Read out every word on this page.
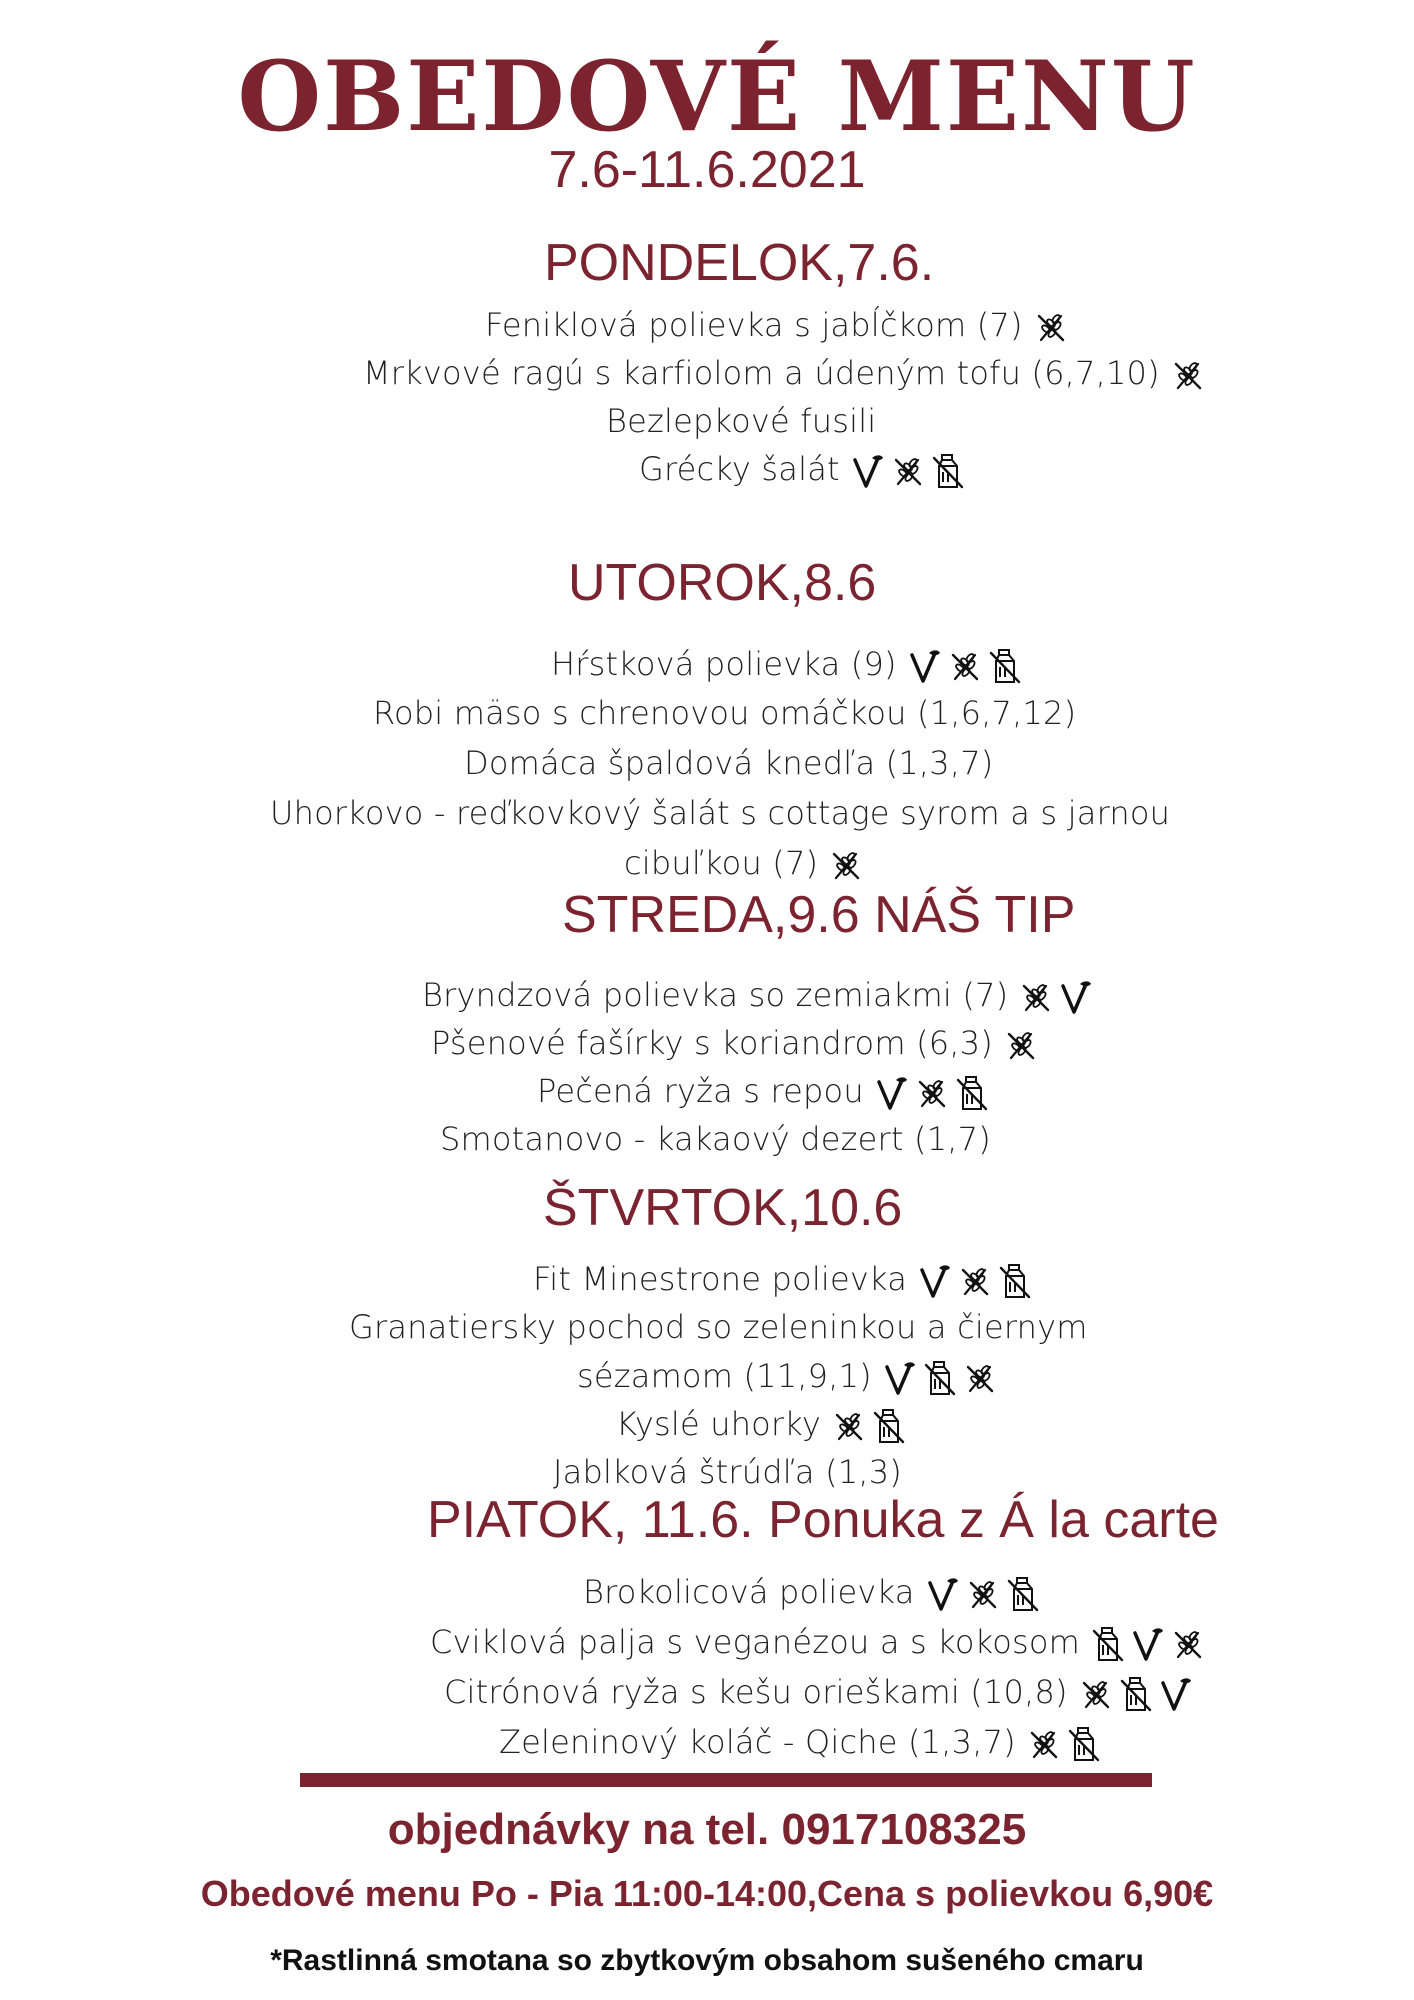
OBEDOVÉ MENU
7.6-11.6.2021
PONDELOK,7.6.
Feniklová polievka s jabĺčkom (7)
Mrkvové ragú s karfiolom a údeným tofu (6,7,10)
Bezlepkové fusili
Grécky šalát
UTOROK,8.6
Hŕstková polievka (9)
Robi mäso s chrenovou omáčkou (1,6,7,12)
Domáca špaldová knedľa (1,3,7)
Uhorkovo - reďkovkový šalát s cottage syrom a s jarnou
cibuľkou (7)
STREDA,9.6 NÁŠ TIP
Bryndzová polievka so zemiakmi (7)
Pšenové fašírky s koriandrom (6,3)
Pečená ryža s repou
Smotanovo - kakaový dezert (1,7)
ŠTVRTOK,10.6
Fit Minestrone polievka
Granatiersky pochod so zeleninkou a čiernym
sézamom (11,9,1)
Kyslé uhorky
Jablková štrúdľa (1,3)
PIATOK, 11.6. Ponuka z Á la carte
Brokolicová polievka
Cviklová palja s veganézou a s kokosom
Citrónová ryža s kešu orieškami (10,8)
Zeleninový koláč - Qiche (1,3,7)
objednávky na tel. 0917108325
Obedové menu Po - Pia 11:00-14:00,Cena s polievkou 6,90€
*Rastlinná smotana so zbytkovým obsahom sušeného cmaru
